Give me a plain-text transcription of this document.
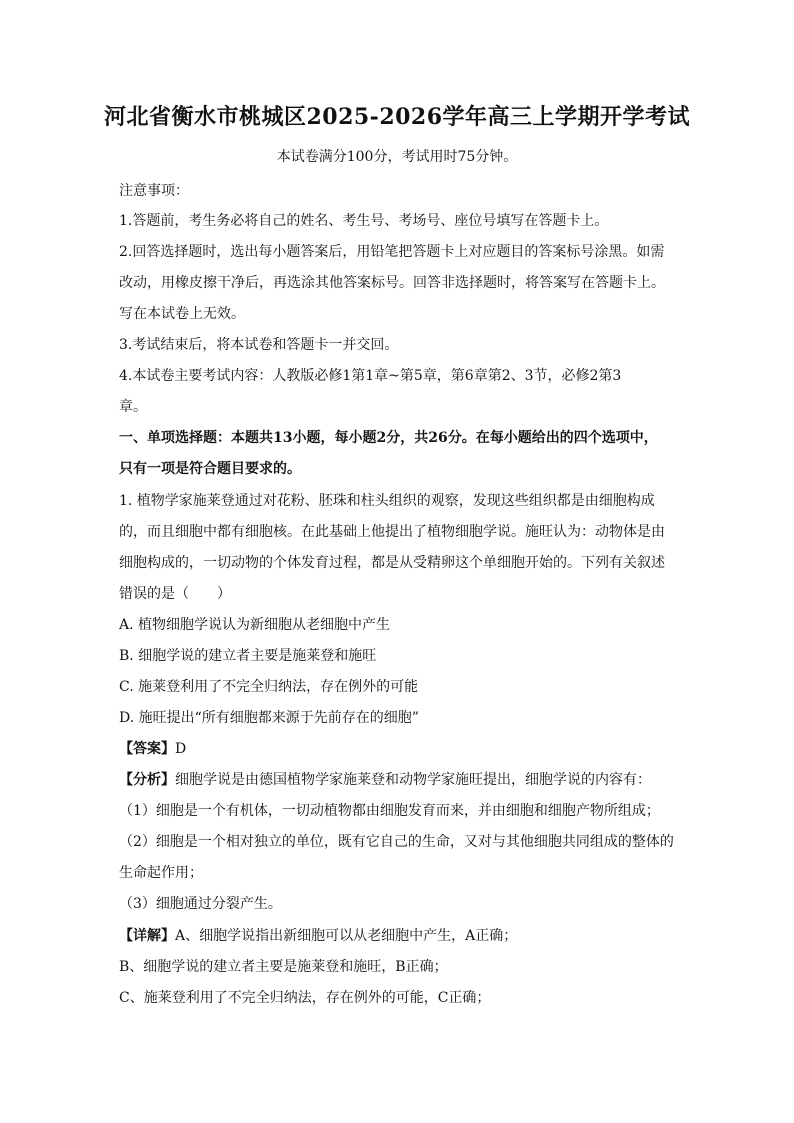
河北省衡水市桃城区2025-2026学年高三上学期开学考试
本试卷满分100分，考试用时75分钟。
注意事项：
1.答题前，考生务必将自己的姓名、考生号、考场号、座位号填写在答题卡上。
2.回答选择题时，选出每小题答案后，用铅笔把答题卡上对应题目的答案标号涂黑。如需
改动，用橡皮擦干净后，再选涂其他答案标号。回答非选择题时，将答案写在答题卡上。
写在本试卷上无效。
3.考试结束后，将本试卷和答题卡一并交回。
4.本试卷主要考试内容：人教版必修1第1章~第5章，第6章第2、3节，必修2第3
章。
一、单项选择题：本题共13小题，每小题2分，共26分。在每小题给出的四个选项中，
只有一项是符合题目要求的。
1. 植物学家施莱登通过对花粉、胚珠和柱头组织的观察，发现这些组织都是由细胞构成
的，而且细胞中都有细胞核。在此基础上他提出了植物细胞学说。施旺认为：动物体是由
细胞构成的，一切动物的个体发育过程，都是从受精卵这个单细胞开始的。下列有关叙述
错误的是（　　）
A. 植物细胞学说认为新细胞从老细胞中产生
B. 细胞学说的建立者主要是施莱登和施旺
C. 施莱登利用了不完全归纳法，存在例外的可能
D. 施旺提出“所有细胞都来源于先前存在的细胞”
【答案】D
【分析】细胞学说是由德国植物学家施莱登和动物学家施旺提出，细胞学说的内容有：
（1）细胞是一个有机体，一切动植物都由细胞发育而来，并由细胞和细胞产物所组成；
（2）细胞是一个相对独立的单位，既有它自己的生命，又对与其他细胞共同组成的整体的
生命起作用；
（3）细胞通过分裂产生。
【详解】A、细胞学说指出新细胞可以从老细胞中产生，A正确；
B、细胞学说的建立者主要是施莱登和施旺，B正确；
C、施莱登利用了不完全归纳法，存在例外的可能，C正确；
